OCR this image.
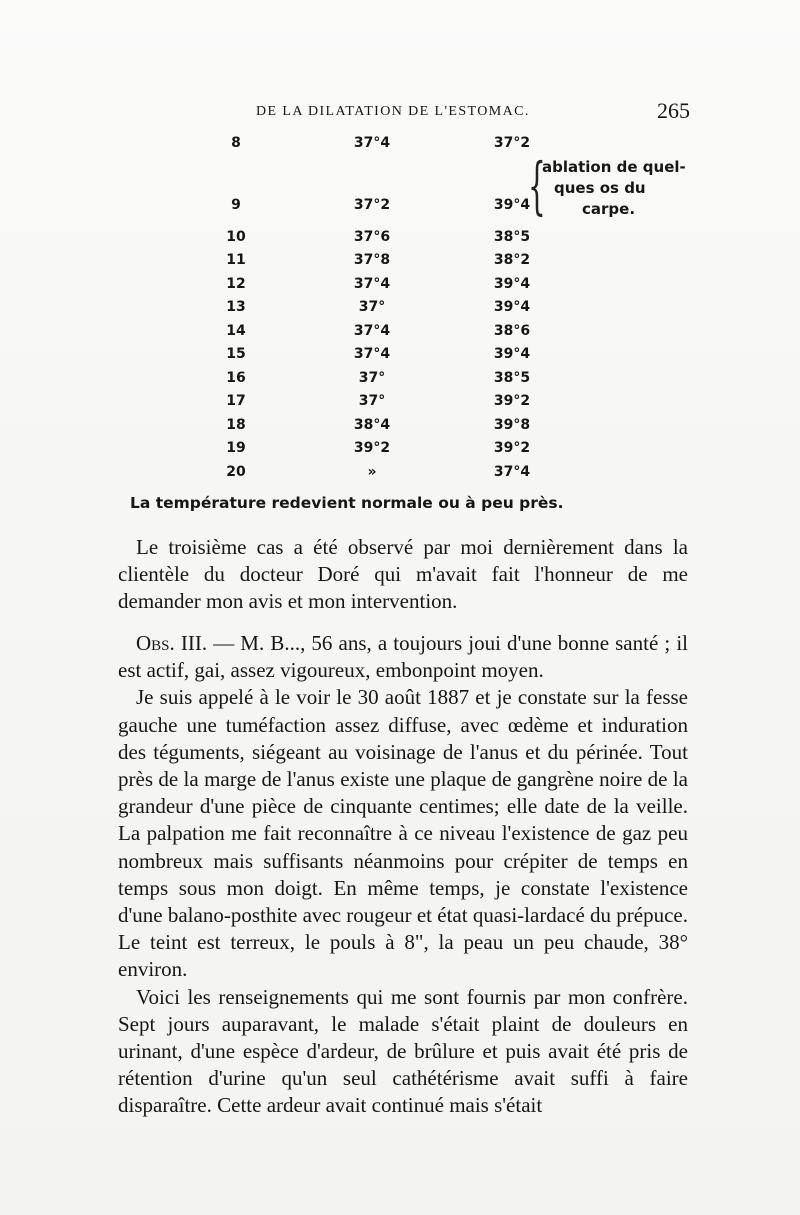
DE LA DILATATION DE L'ESTOMAC.	265
8	37°4	37°2
9	37°2	39°4
{
ablation de quel-
ques os du
carpe.
10	37°6	38°5
11	37°8	38°2
12	37°4	39°4
13	37°	39°4
14	37°4	38°6
15	37°4	39°4
16	37°	38°5
17	37°	39°2
18	38°4	39°8
19	39°2	39°2
20	»	37°4
La température redevient normale ou à peu près.

Le troisième cas a été observé par moi dernièrement dans la clientèle du docteur Doré qui m'avait fait l'honneur de me demander mon avis et mon intervention.

Obs. III. — M. B..., 56 ans, a toujours joui d'une bonne santé ; il est actif, gai, assez vigoureux, embonpoint moyen.

Je suis appelé à le voir le 30 août 1887 et je constate sur la fesse gauche une tuméfaction assez diffuse, avec œdème et induration des téguments, siégeant au voisinage de l'anus et du périnée. Tout près de la marge de l'anus existe une plaque de gangrène noire de la grandeur d'une pièce de cinquante centimes; elle date de la veille. La palpation me fait reconnaître à ce niveau l'existence de gaz peu nombreux mais suffisants néanmoins pour crépiter de temps en temps sous mon doigt. En même temps, je constate l'existence d'une balano-posthite avec rougeur et état quasi-lardacé du prépuce. Le teint est terreux, le pouls à 8", la peau un peu chaude, 38° environ.

Voici les renseignements qui me sont fournis par mon confrère. Sept jours auparavant, le malade s'était plaint de douleurs en urinant, d'une espèce d'ardeur, de brûlure et puis avait été pris de rétention d'urine qu'un seul cathétérisme avait suffi à faire disparaître. Cette ardeur avait continué mais s'était
